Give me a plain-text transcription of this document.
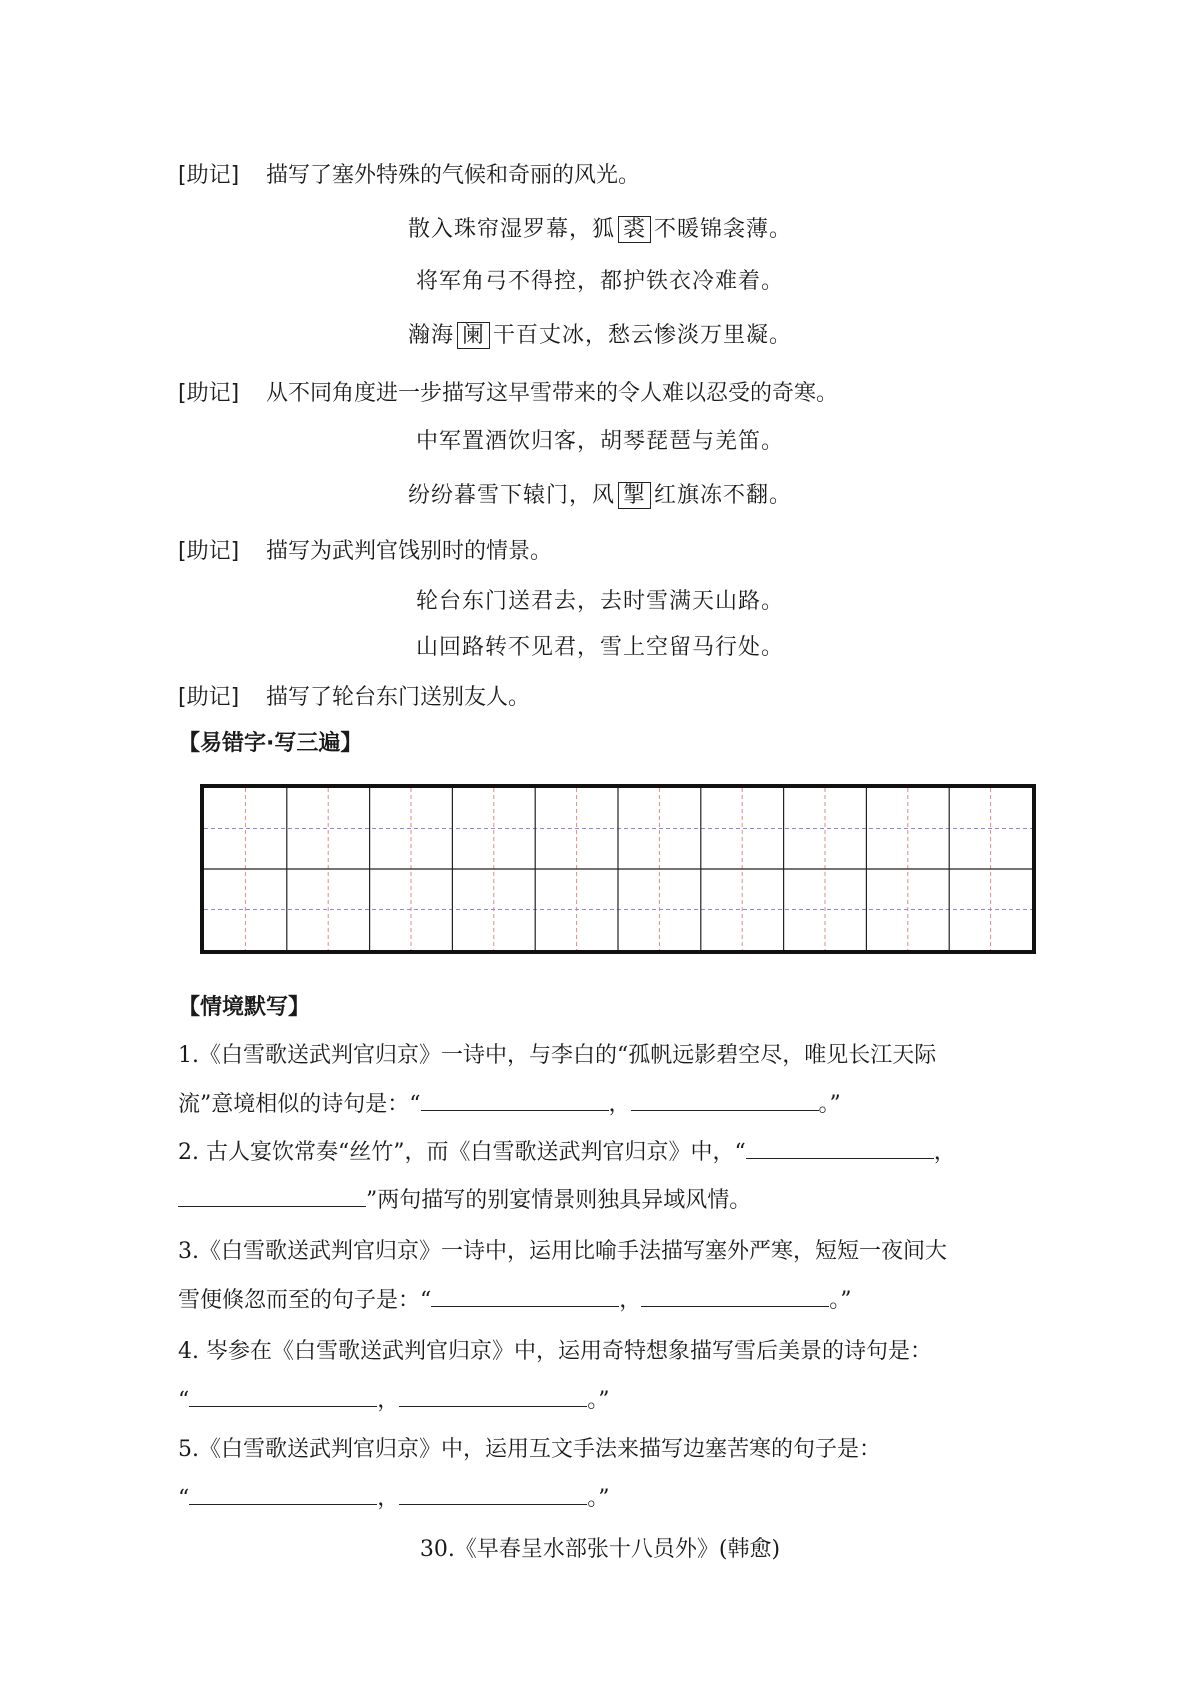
[助记] 描写了塞外特殊的气候和奇丽的风光。
散入珠帘湿罗幕，狐 裘 不暖锦衾薄。
将军角弓不得控，都护铁衣冷难着。
瀚海 阑 干百丈冰，愁云惨淡万里凝。
[助记] 从不同角度进一步描写这早雪带来的令人难以忍受的奇寒。
中军置酒饮归客，胡琴琵琶与羌笛。
纷纷暮雪下辕门，风 掣 红旗冻不翻。
[助记] 描写为武判官饯别时的情景。
轮台东门送君去，去时雪满天山路。
山回路转不见君，雪上空留马行处。
[助记] 描写了轮台东门送别友人。
【易错字·写三遍】
【情境默写】
1.《白雪歌送武判官归京》一诗中，与李白的“孤帆远影碧空尽，唯见长江天际
流”意境相似的诗句是：“	，	。”
2. 古人宴饮常奏“丝竹”，而《白雪歌送武判官归京》中，“	，
”两句描写的别宴情景则独具异域风情。
3.《白雪歌送武判官归京》一诗中，运用比喻手法描写塞外严寒，短短一夜间大
雪便倏忽而至的句子是：“	，	。”
4. 岑参在《白雪歌送武判官归京》中，运用奇特想象描写雪后美景的诗句是：
“	，	。”
5.《白雪歌送武判官归京》中，运用互文手法来描写边塞苦寒的句子是：
“	，	。”
30.《早春呈水部张十八员外》(韩愈)
